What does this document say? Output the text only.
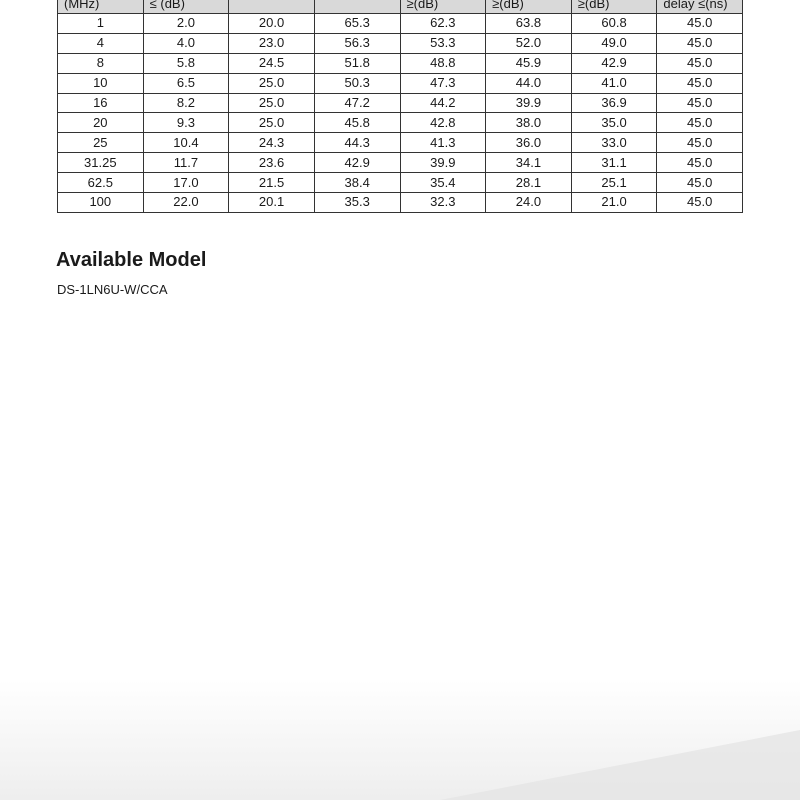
(MHz)	≤ (dB)			≥(dB)	≥(dB)	≥(dB)	delay ≤(ns)
1	2.0	20.0	65.3	62.3	63.8	60.8	45.0
4	4.0	23.0	56.3	53.3	52.0	49.0	45.0
8	5.8	24.5	51.8	48.8	45.9	42.9	45.0
10	6.5	25.0	50.3	47.3	44.0	41.0	45.0
16	8.2	25.0	47.2	44.2	39.9	36.9	45.0
20	9.3	25.0	45.8	42.8	38.0	35.0	45.0
25	10.4	24.3	44.3	41.3	36.0	33.0	45.0
31.25	11.7	23.6	42.9	39.9	34.1	31.1	45.0
62.5	17.0	21.5	38.4	35.4	28.1	25.1	45.0
100	22.0	20.1	35.3	32.3	24.0	21.0	45.0
Available Model

DS-1LN6U-W/CCA
